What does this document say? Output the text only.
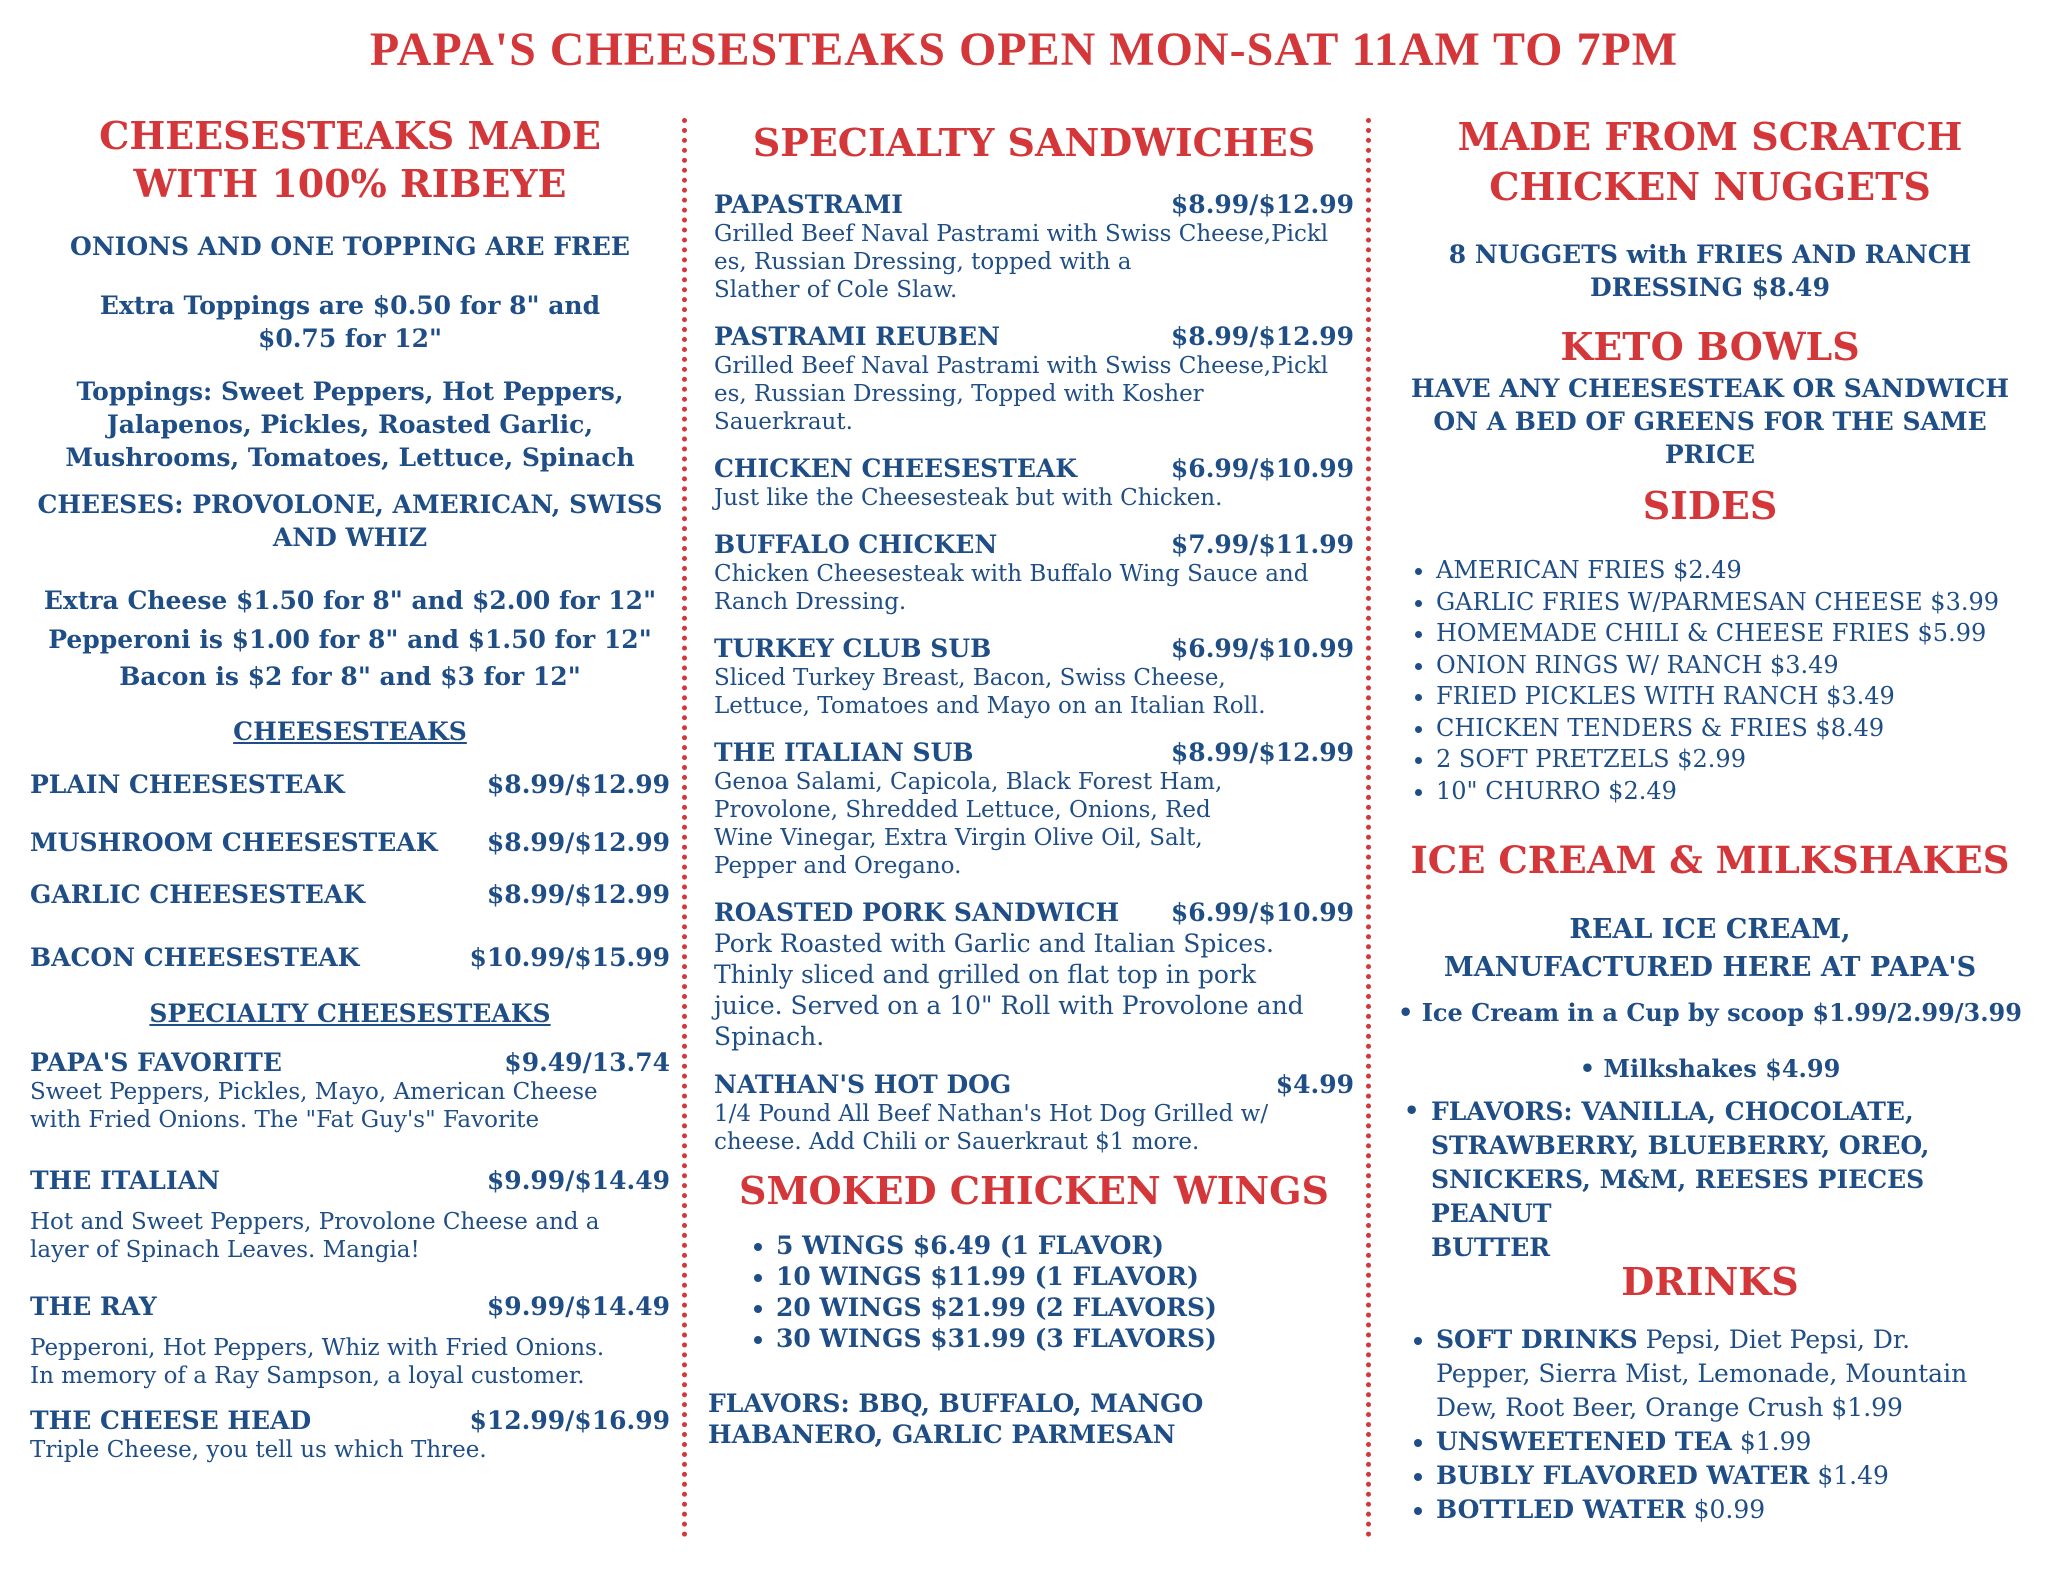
PAPA'S CHEESESTEAKS OPEN MON-SAT 11AM TO 7PM
CHEESESTEAKS MADE
WITH 100% RIBEYE
ONIONS AND ONE TOPPING ARE FREE
Extra Toppings are $0.50 for 8" and
$0.75 for 12"
Toppings: Sweet Peppers, Hot Peppers,
Jalapenos, Pickles, Roasted Garlic,
Mushrooms, Tomatoes, Lettuce, Spinach
CHEESES: PROVOLONE, AMERICAN, SWISS
AND WHIZ
Extra Cheese $1.50 for 8" and $2.00 for 12"
Pepperoni is $1.00 for 8" and $1.50 for 12"
Bacon is $2 for 8" and $3 for 12"
CHEESESTEAKS
PLAIN CHEESESTEAK	$8.99/$12.99
MUSHROOM CHEESESTEAK $8.99/$12.99
GARLIC CHEESESTEAK	$8.99/$12.99
BACON CHEESESTEAK	$10.99/$15.99
SPECIALTY CHEESESTEAKS
PAPA'S FAVORITE	$9.49/13.74
Sweet Peppers, Pickles, Mayo, American Cheese
with Fried Onions. The "Fat Guy's" Favorite
THE ITALIAN	$9.99/$14.49
Hot and Sweet Peppers, Provolone Cheese and a
layer of Spinach Leaves. Mangia!
THE RAY	$9.99/$14.49
Pepperoni, Hot Peppers, Whiz with Fried Onions.
In memory of a Ray Sampson, a loyal customer.
THE CHEESE HEAD	$12.99/$16.99
Triple Cheese, you tell us which Three.
SPECIALTY SANDWICHES
PAPASTRAMI	$8.99/$12.99
Grilled Beef Naval Pastrami with Swiss Cheese,Pickl
es, Russian Dressing, topped with a
Slather of Cole Slaw.
PASTRAMI REUBEN	$8.99/$12.99
Grilled Beef Naval Pastrami with Swiss Cheese,Pickl
es, Russian Dressing, Topped with Kosher
Sauerkraut.
CHICKEN CHEESESTEAK	$6.99/$10.99
Just like the Cheesesteak but with Chicken.
BUFFALO CHICKEN	$7.99/$11.99
Chicken Cheesesteak with Buffalo Wing Sauce and
Ranch Dressing.
TURKEY CLUB SUB	$6.99/$10.99
Sliced Turkey Breast, Bacon, Swiss Cheese,
Lettuce, Tomatoes and Mayo on an Italian Roll.
THE ITALIAN SUB	$8.99/$12.99
Genoa Salami, Capicola, Black Forest Ham,
Provolone, Shredded Lettuce, Onions, Red
Wine Vinegar, Extra Virgin Olive Oil, Salt,
Pepper and Oregano.
ROASTED PORK SANDWICH $6.99/$10.99
Pork Roasted with Garlic and Italian Spices.
Thinly sliced and grilled on flat top in pork
juice. Served on a 10" Roll with Provolone and
Spinach.
NATHAN'S HOT DOG	$4.99
1/4 Pound All Beef Nathan's Hot Dog Grilled w/
cheese. Add Chili or Sauerkraut $1 more.
SMOKED CHICKEN WINGS
• 5 WINGS $6.49 (1 FLAVOR)
• 10 WINGS $11.99 (1 FLAVOR)
• 20 WINGS $21.99 (2 FLAVORS)
• 30 WINGS $31.99 (3 FLAVORS)
FLAVORS: BBQ, BUFFALO, MANGO
HABANERO, GARLIC PARMESAN
MADE FROM SCRATCH
CHICKEN NUGGETS
8 NUGGETS with FRIES AND RANCH
DRESSING $8.49
KETO BOWLS
HAVE ANY CHEESESTEAK OR SANDWICH
ON A BED OF GREENS FOR THE SAME
PRICE
SIDES
• AMERICAN FRIES $2.49
• GARLIC FRIES W/PARMESAN CHEESE $3.99
• HOMEMADE CHILI & CHEESE FRIES $5.99
• ONION RINGS W/ RANCH $3.49
• FRIED PICKLES WITH RANCH $3.49
• CHICKEN TENDERS & FRIES $8.49
• 2 SOFT PRETZELS $2.99
• 10" CHURRO $2.49
ICE CREAM & MILKSHAKES
REAL ICE CREAM,
MANUFACTURED HERE AT PAPA'S
• Ice Cream in a Cup by scoop $1.99/2.99/3.99
• Milkshakes $4.99
• FLAVORS: VANILLA, CHOCOLATE,
STRAWBERRY, BLUEBERRY, OREO,
SNICKERS, M&M, REESES PIECES PEANUT
BUTTER
DRINKS
• SOFT DRINKS Pepsi, Diet Pepsi, Dr.
Pepper, Sierra Mist, Lemonade, Mountain
Dew, Root Beer, Orange Crush $1.99
• UNSWEETENED TEA $1.99
• BUBLY FLAVORED WATER $1.49
• BOTTLED WATER $0.99
